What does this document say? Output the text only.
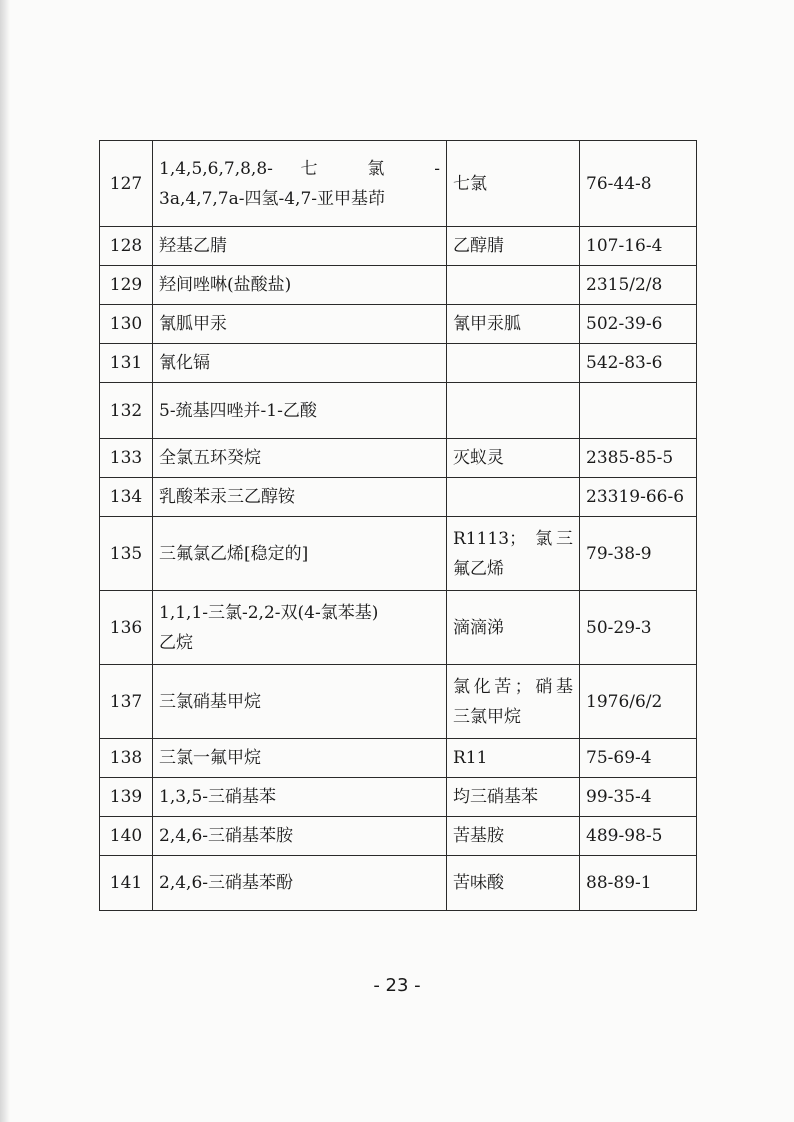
127	1,4,5,6,7,8,8- 七 氯 -
3a,4,7,7a-四氢-4,7-亚甲基茚	七氯	76-44-8
128	羟基乙腈	乙醇腈	107-16-4
129	羟间唑啉(盐酸盐)		2315/2/8
130	氰胍甲汞	氰甲汞胍	502-39-6
131	氰化镉		542-83-6
132	5-巯基四唑并-1-乙酸		

133	全氯五环癸烷	灭蚁灵	2385-85-5
134	乳酸苯汞三乙醇铵		23319-66-6
135	三氟氯乙烯[稳定的]	R1113； 氯三
氟乙烯	79-38-9
136	1,1,1-三氯-2,2-双(4-氯苯基)
乙烷	滴滴涕	50-29-3
137	三氯硝基甲烷	氯化苦；硝基
三氯甲烷	1976/6/2
138	三氯一氟甲烷	R11	75-69-4
139	1,3,5-三硝基苯	均三硝基苯	99-35-4
140	2,4,6-三硝基苯胺	苦基胺	489-98-5
141	2,4,6-三硝基苯酚	苦味酸	88-89-1
- 23 -
